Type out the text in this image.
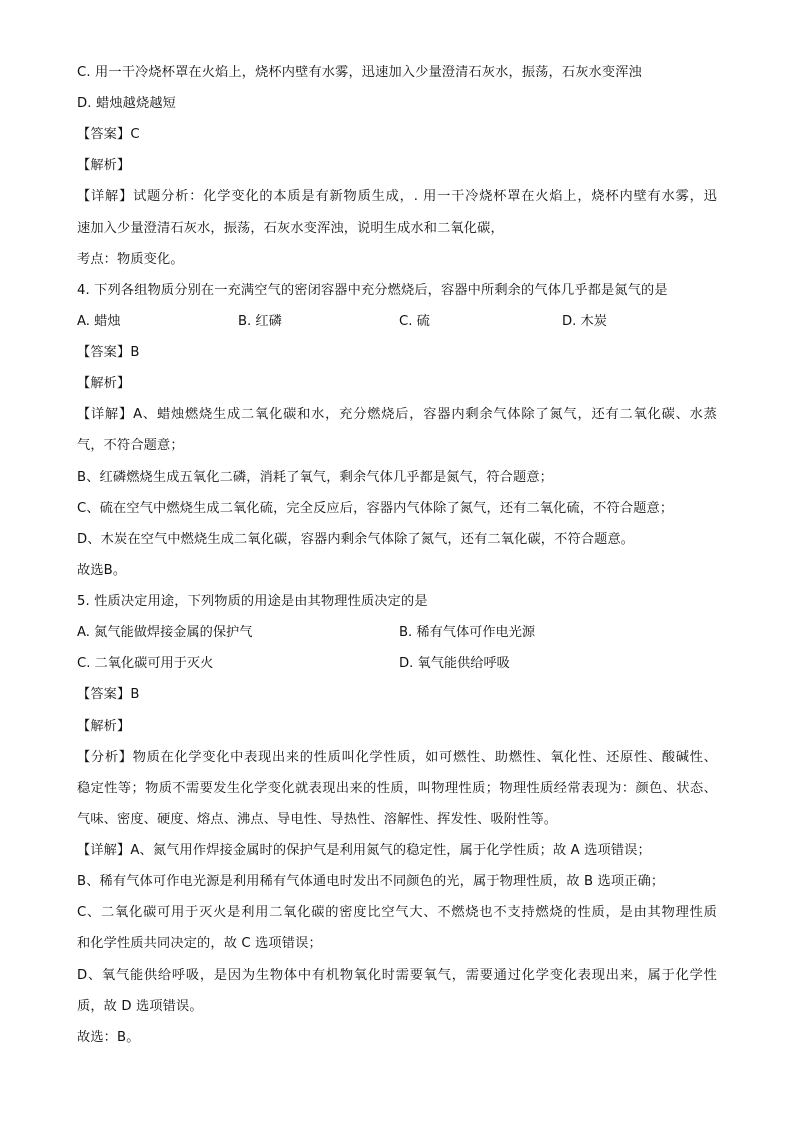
C. 用一干冷烧杯罩在火焰上，烧杯内壁有水雾，迅速加入少量澄清石灰水，振荡，石灰水变浑浊
D. 蜡烛越烧越短
【答案】C
【解析】
【详解】试题分析：化学变化的本质是有新物质生成，. 用一干冷烧杯罩在火焰上，烧杯内壁有水雾，迅
速加入少量澄清石灰水，振荡，石灰水变浑浊，说明生成水和二氧化碳，
考点：物质变化。
4. 下列各组物质分别在一充满空气的密闭容器中充分燃烧后，容器中所剩余的气体几乎都是氮气的是
A. 蜡烛	B. 红磷	C. 硫	D. 木炭
【答案】B
【解析】
【详解】A、蜡烛燃烧生成二氧化碳和水，充分燃烧后，容器内剩余气体除了氮气，还有二氧化碳、水蒸
气，不符合题意；
B、红磷燃烧生成五氧化二磷，消耗了氧气，剩余气体几乎都是氮气，符合题意；
C、硫在空气中燃烧生成二氧化硫，完全反应后，容器内气体除了氮气，还有二氧化硫，不符合题意；
D、木炭在空气中燃烧生成二氧化碳，容器内剩余气体除了氮气，还有二氧化碳，不符合题意。
故选B。
5. 性质决定用途，下列物质的用途是由其物理性质决定的是
A. 氮气能做焊接金属的保护气	B. 稀有气体可作电光源
C. 二氧化碳可用于灭火	D. 氧气能供给呼吸
【答案】B
【解析】
【分析】物质在化学变化中表现出来的性质叫化学性质，如可燃性、助燃性、氧化性、还原性、酸碱性、
稳定性等；物质不需要发生化学变化就表现出来的性质，叫物理性质；物理性质经常表现为：颜色、状态、
气味、密度、硬度、熔点、沸点、导电性、导热性、溶解性、挥发性、吸附性等。
【详解】A、氮气用作焊接金属时的保护气是利用氮气的稳定性，属于化学性质；故 A 选项错误；
B、稀有气体可作电光源是利用稀有气体通电时发出不同颜色的光，属于物理性质，故 B 选项正确；
C、二氧化碳可用于灭火是利用二氧化碳的密度比空气大、不燃烧也不支持燃烧的性质，是由其物理性质
和化学性质共同决定的，故 C 选项错误；
D、氧气能供给呼吸，是因为生物体中有机物氧化时需要氧气，需要通过化学变化表现出来，属于化学性
质，故 D 选项错误。
故选：B。
